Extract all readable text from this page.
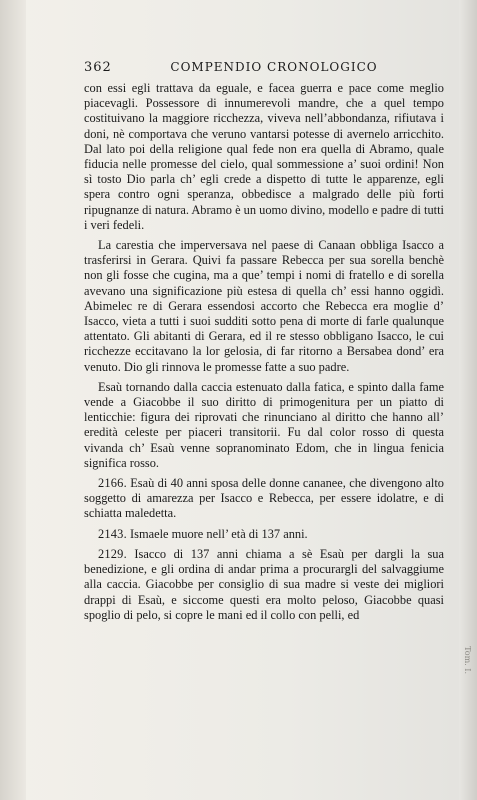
362	COMPENDIO CRONOLOGICO

con essi egli trattava da eguale, e facea guerra e pace come meglio piacevagli. Possessore di innumerevoli mandre, che a quel tempo costituivano la maggiore ricchezza, viveva nell’abbondanza, rifiutava i doni, nè comportava che veruno vantarsi potesse di avernelo arricchito. Dal lato poi della religione qual fede non era quella di Abramo, quale fiducia nelle promesse del cielo, qual sommessione a’ suoi ordini! Non sì tosto Dio parla ch’ egli crede a dispetto di tutte le apparenze, egli spera contro ogni speranza, obbedisce a malgrado delle più forti ripugnanze di natura. Abramo è un uomo divino, modello e padre di tutti i veri fedeli.

La carestia che imperversava nel paese di Canaan obbliga Isacco a trasferirsi in Gerara. Quivi fa passare Rebecca per sua sorella benchè non gli fosse che cugina, ma a que’ tempi i nomi di fratello e di sorella avevano una significazione più estesa di quella ch’ essi hanno oggidì. Abimelec re di Gerara essendosi accorto che Rebecca era moglie d’ Isacco, vieta a tutti i suoi sudditi sotto pena di morte di farle qualunque attentato. Gli abitanti di Gerara, ed il re stesso obbligano Isacco, le cui ricchezze eccitavano la lor gelosia, di far ritorno a Bersabea dond’ era venuto. Dio gli rinnova le promesse fatte a suo padre.

Esaù tornando dalla caccia estenuato dalla fatica, e spinto dalla fame vende a Giacobbe il suo diritto di primogenitura per un piatto di lenticchie: figura dei riprovati che rinunciano al diritto che hanno all’ eredità celeste per piaceri transitorii. Fu dal color rosso di questa vivanda ch’ Esaù venne sopranominato Edom, che in lingua fenicia significa rosso.

2166. Esaù di 40 anni sposa delle donne cananee, che divengono alto soggetto di amarezza per Isacco e Rebecca, per essere idolatre, e di schiatta maledetta.

2143. Ismaele muore nell’ età di 137 anni.

2129. Isacco di 137 anni chiama a sè Esaù per dargli la sua benedizione, e gli ordina di andar prima a procurargli del salvaggiume alla caccia. Giacobbe per consiglio di sua madre si veste dei migliori drappi di Esaù, e siccome questi era molto peloso, Giacobbe quasi spoglio di pelo, si copre le mani ed il collo con pelli, ed

Tom. I.
